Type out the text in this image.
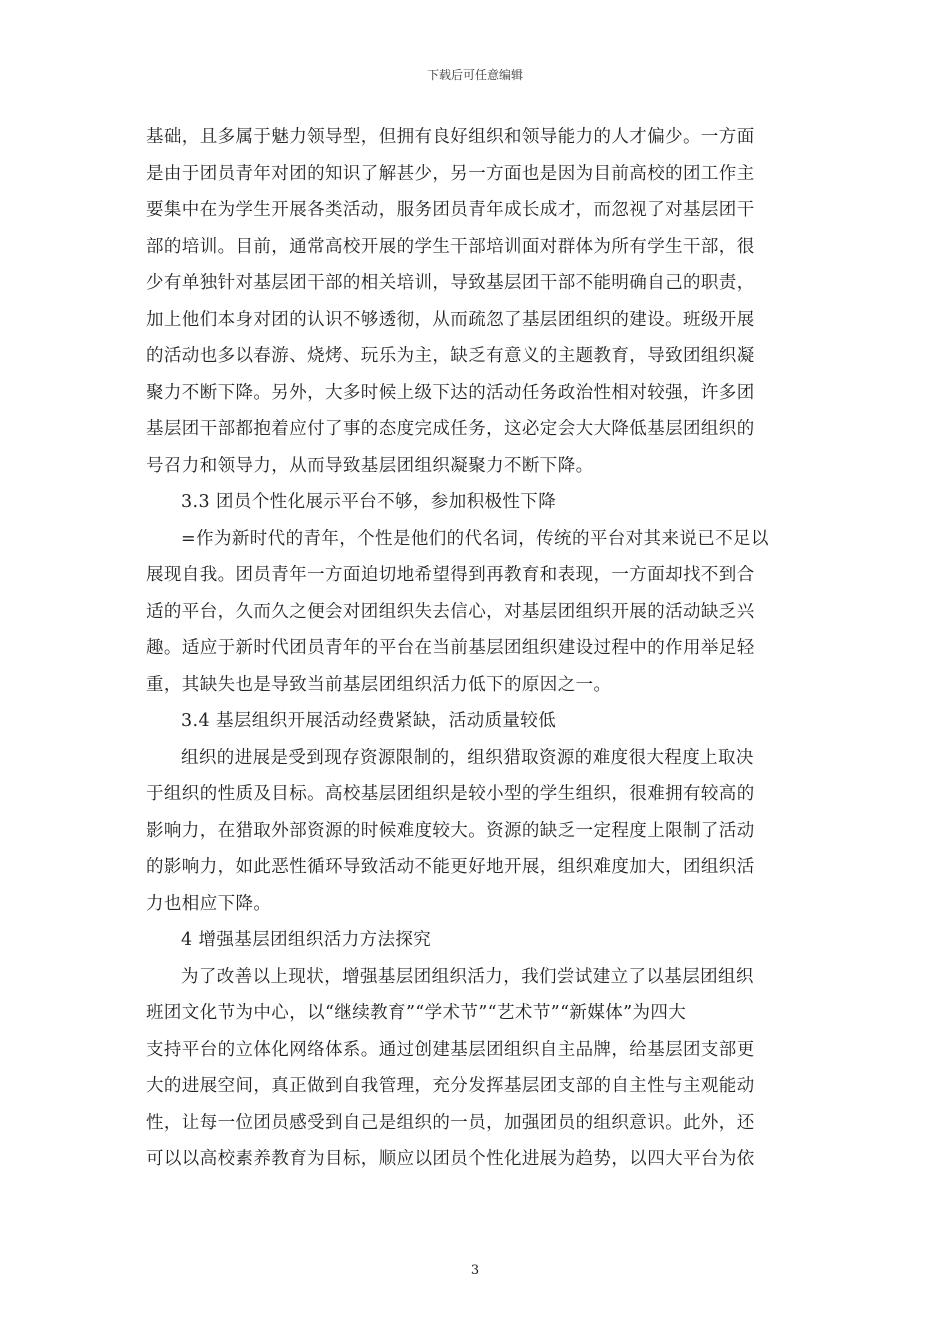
下载后可任意编辑
基础，且多属于魅力领导型，但拥有良好组织和领导能力的人才偏少。一方面
是由于团员青年对团的知识了解甚少，另一方面也是因为目前高校的团工作主
要集中在为学生开展各类活动，服务团员青年成长成才，而忽视了对基层团干
部的培训。目前，通常高校开展的学生干部培训面对群体为所有学生干部，很
少有单独针对基层团干部的相关培训，导致基层团干部不能明确自己的职责，
加上他们本身对团的认识不够透彻，从而疏忽了基层团组织的建设。班级开展
的活动也多以春游、烧烤、玩乐为主，缺乏有意义的主题教育，导致团组织凝
聚力不断下降。另外，大多时候上级下达的活动任务政治性相对较强，许多团
基层团干部都抱着应付了事的态度完成任务，这必定会大大降低基层团组织的
号召力和领导力，从而导致基层团组织凝聚力不断下降。
3.3 团员个性化展示平台不够，参加积极性下降
=作为新时代的青年，个性是他们的代名词，传统的平台对其来说已不足以
展现自我。团员青年一方面迫切地希望得到再教育和表现，一方面却找不到合
适的平台，久而久之便会对团组织失去信心，对基层团组织开展的活动缺乏兴
趣。适应于新时代团员青年的平台在当前基层团组织建设过程中的作用举足轻
重，其缺失也是导致当前基层团组织活力低下的原因之一。
3.4 基层组织开展活动经费紧缺，活动质量较低
组织的进展是受到现存资源限制的，组织猎取资源的难度很大程度上取决
于组织的性质及目标。高校基层团组织是较小型的学生组织，很难拥有较高的
影响力，在猎取外部资源的时候难度较大。资源的缺乏一定程度上限制了活动
的影响力，如此恶性循环导致活动不能更好地开展，组织难度加大，团组织活
力也相应下降。
4 增强基层团组织活力方法探究
为了改善以上现状，增强基层团组织活力，我们尝试建立了以基层团组织
班团文化节为中心，以“继续教育”“学术节”“艺术节”“新媒体”为四大
支持平台的立体化网络体系。通过创建基层团组织自主品牌，给基层团支部更
大的进展空间，真正做到自我管理，充分发挥基层团支部的自主性与主观能动
性，让每一位团员感受到自己是组织的一员，加强团员的组织意识。此外，还
可以以高校素养教育为目标，顺应以团员个性化进展为趋势，以四大平台为依
3
